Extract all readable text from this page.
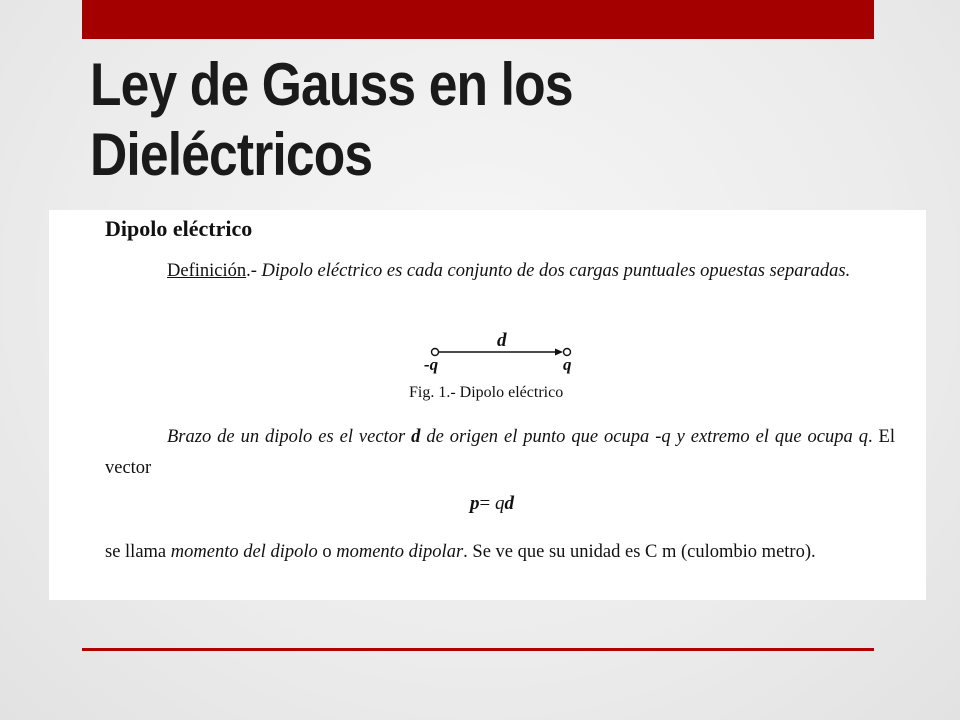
Ley de Gauss en los
Dieléctricos
Dipolo eléctrico
Definición.- Dipolo eléctrico es cada conjunto de dos cargas puntuales opuestas separadas.
d
-q	q
Fig. 1.- Dipolo eléctrico
Brazo de un dipolo es el vector d de origen el punto que ocupa -q y extremo el que ocupa q. El vector
p= qd
se llama momento del dipolo o momento dipolar. Se ve que su unidad es C m (culombio metro).
